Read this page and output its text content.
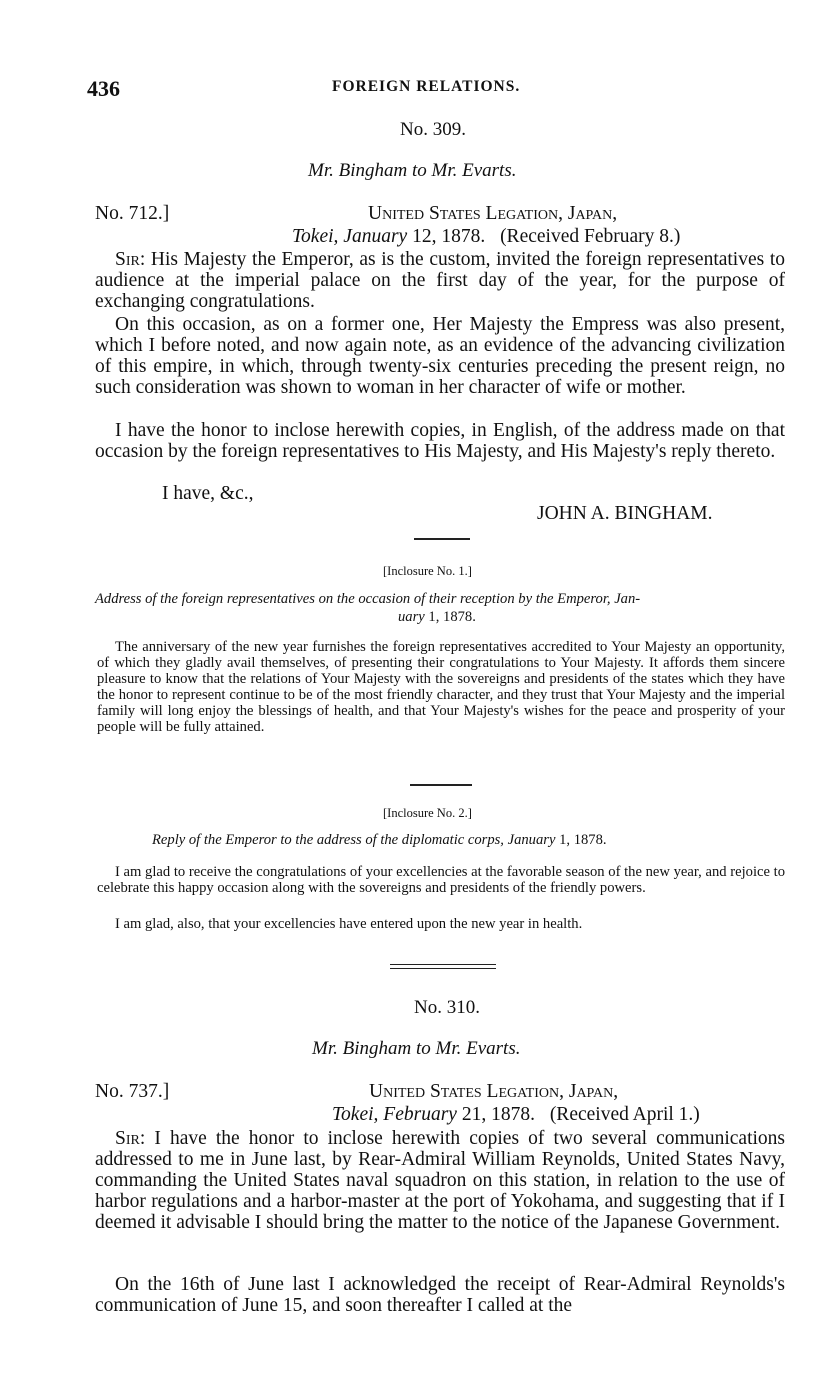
436	FOREIGN RELATIONS.
No. 309.
Mr. Bingham to Mr. Evarts.
No. 712.]	United States Legation, Japan,
Tokei, January 12, 1878. (Received February 8.)
Sir: His Majesty the Emperor, as is the custom, invited the foreign representatives to audience at the imperial palace on the first day of the year, for the purpose of exchanging congratulations.
On this occasion, as on a former one, Her Majesty the Empress was also present, which I before noted, and now again note, as an evidence of the advancing civilization of this empire, in which, through twenty-six centuries preceding the present reign, no such consideration was shown to woman in her character of wife or mother.
I have the honor to inclose herewith copies, in English, of the address made on that occasion by the foreign representatives to His Majesty, and His Majesty's reply thereto.
I have, &c.,
JOHN A. BINGHAM.
[Inclosure No. 1.]
Address of the foreign representatives on the occasion of their reception by the Emperor, Jan-
uary 1, 1878.
The anniversary of the new year furnishes the foreign representatives accredited to Your Majesty an opportunity, of which they gladly avail themselves, of presenting their congratulations to Your Majesty. It affords them sincere pleasure to know that the relations of Your Majesty with the sovereigns and presidents of the states which they have the honor to represent continue to be of the most friendly character, and they trust that Your Majesty and the imperial family will long enjoy the blessings of health, and that Your Majesty's wishes for the peace and prosperity of your people will be fully attained.
[Inclosure No. 2.]
Reply of the Emperor to the address of the diplomatic corps, January 1, 1878.
I am glad to receive the congratulations of your excellencies at the favorable season of the new year, and rejoice to celebrate this happy occasion along with the sovereigns and presidents of the friendly powers.
I am glad, also, that your excellencies have entered upon the new year in health.
No. 310.
Mr. Bingham to Mr. Evarts.
No. 737.]	United States Legation, Japan,
Tokei, February 21, 1878. (Received April 1.)
Sir: I have the honor to inclose herewith copies of two several communications addressed to me in June last, by Rear-Admiral William Reynolds, United States Navy, commanding the United States naval squadron on this station, in relation to the use of harbor regulations and a harbor-master at the port of Yokohama, and suggesting that if I deemed it advisable I should bring the matter to the notice of the Japanese Government.
On the 16th of June last I acknowledged the receipt of Rear-Admiral Reynolds's communication of June 15, and soon thereafter I called at the
